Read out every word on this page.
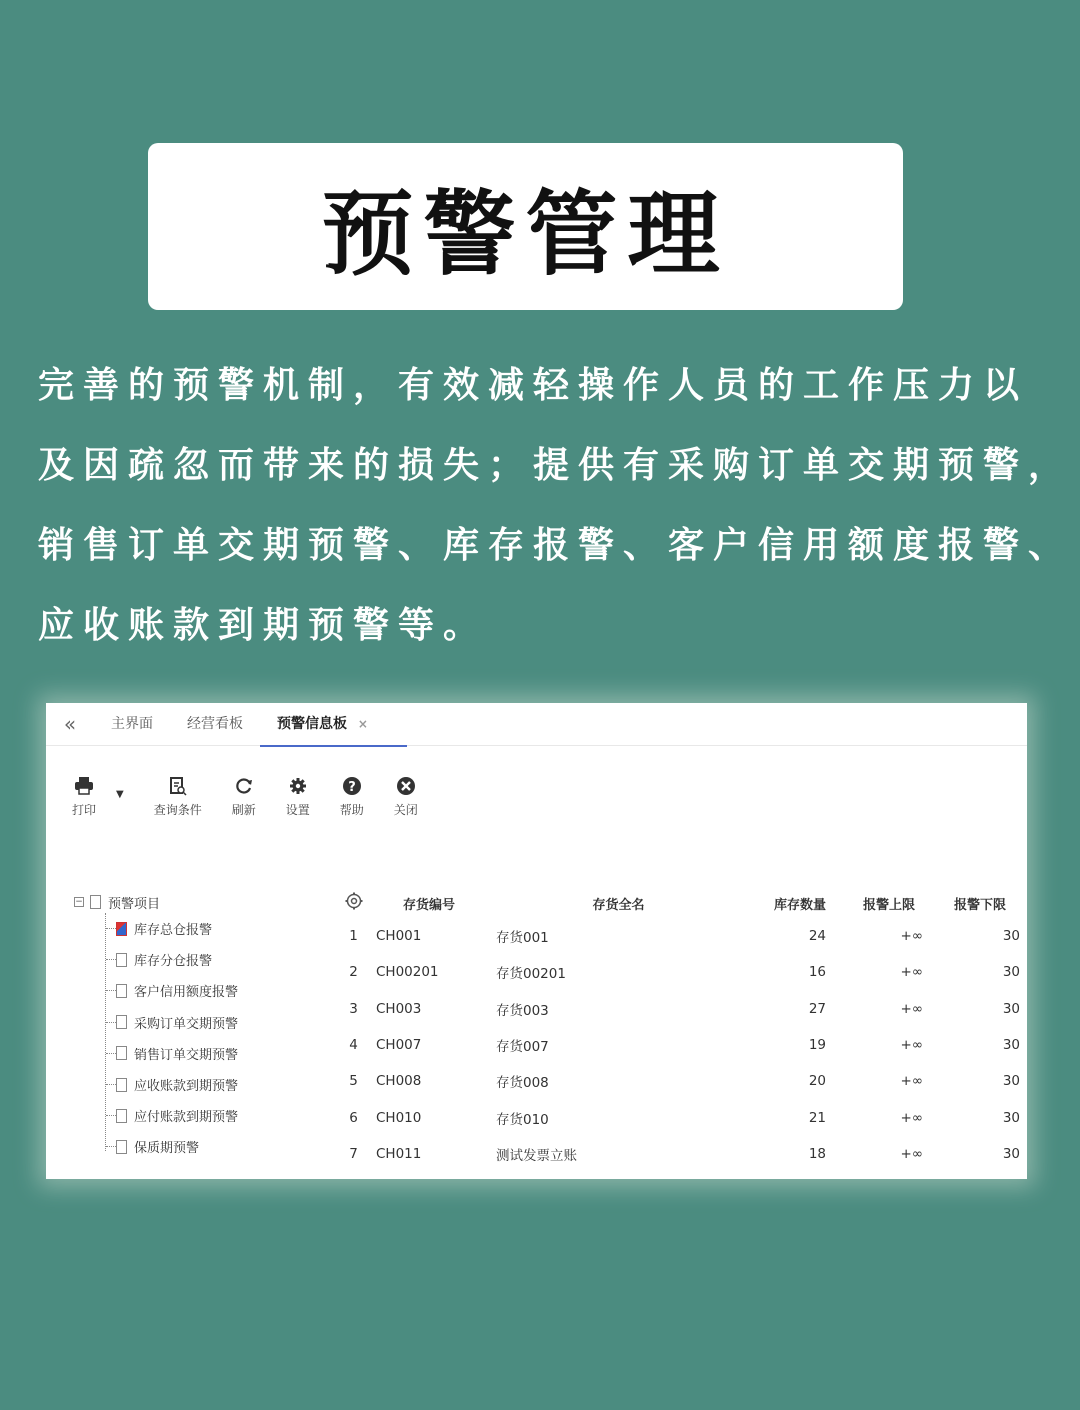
预警管理

完善的预警机制，有效减轻操作人员的工作压力以

及因疏忽而带来的损失；提供有采购订单交期预警，

销售订单交期预警、库存报警、客户信用额度报警、

应收账款到期预警等。

«	主界面	经营看板	预警信息板 ×
打印
▼
查询条件	刷新	设置
?
帮助	关闭
− 预警项目
库存总仓报警
库存分仓报警
客户信用额度报警
采购订单交期预警
销售订单交期预警
应收账款到期预警
应付账款到期预警
保质期预警
存货编号	存货全名	库存数量	报警上限	报警下限
1	CH001	存货001	24	+∞	30
2	CH00201	存货00201	16	+∞	30
3	CH003	存货003	27	+∞	30
4	CH007	存货007	19	+∞	30
5	CH008	存货008	20	+∞	30
6	CH010	存货010	21	+∞	30
7	CH011	测试发票立账	18	+∞	30
